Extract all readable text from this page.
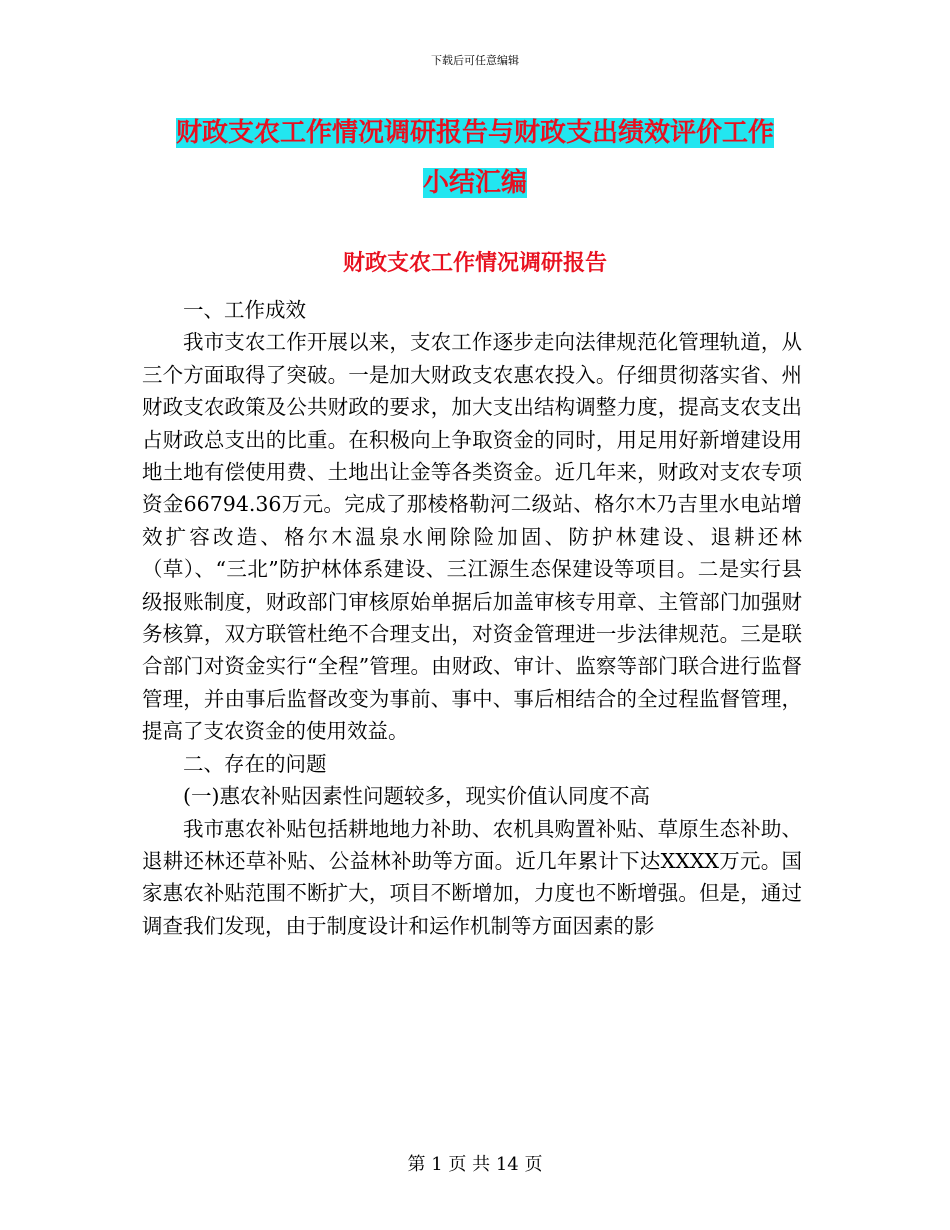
下载后可任意编辑
财政支农工作情况调研报告与财政支出绩效评价工作
小结汇编
财政支农工作情况调研报告

一、工作成效

我市支农工作开展以来，支农工作逐步走向法律规范化管理轨道，从三个方面取得了突破。一是加大财政支农惠农投入。仔细贯彻落实省、州财政支农政策及公共财政的要求，加大支出结构调整力度，提高支农支出占财政总支出的比重。在积极向上争取资金的同时，用足用好新增建设用地土地有偿使用费、土地出让金等各类资金。近几年来，财政对支农专项资金66794.36万元。完成了那棱格勒河二级站、格尔木乃吉里水电站增效扩容改造、格尔木温泉水闸除险加固、防护林建设、退耕还林（草）、“三北”防护林体系建设、三江源生态保建设等项目。二是实行县级报账制度，财政部门审核原始单据后加盖审核专用章、主管部门加强财务核算，双方联管杜绝不合理支出，对资金管理进一步法律规范。三是联合部门对资金实行“全程”管理。由财政、审计、监察等部门联合进行监督管理，并由事后监督改变为事前、事中、事后相结合的全过程监督管理，提高了支农资金的使用效益。

二、存在的问题

(一)惠农补贴因素性问题较多，现实价值认同度不高

我市惠农补贴包括耕地地力补助、农机具购置补贴、草原生态补助、退耕还林还草补贴、公益林补助等方面。近几年累计下达XXXX万元。国家惠农补贴范围不断扩大，项目不断增加，力度也不断增强。但是，通过调查我们发现，由于制度设计和运作机制等方面因素的影

第 1 页 共 14 页
